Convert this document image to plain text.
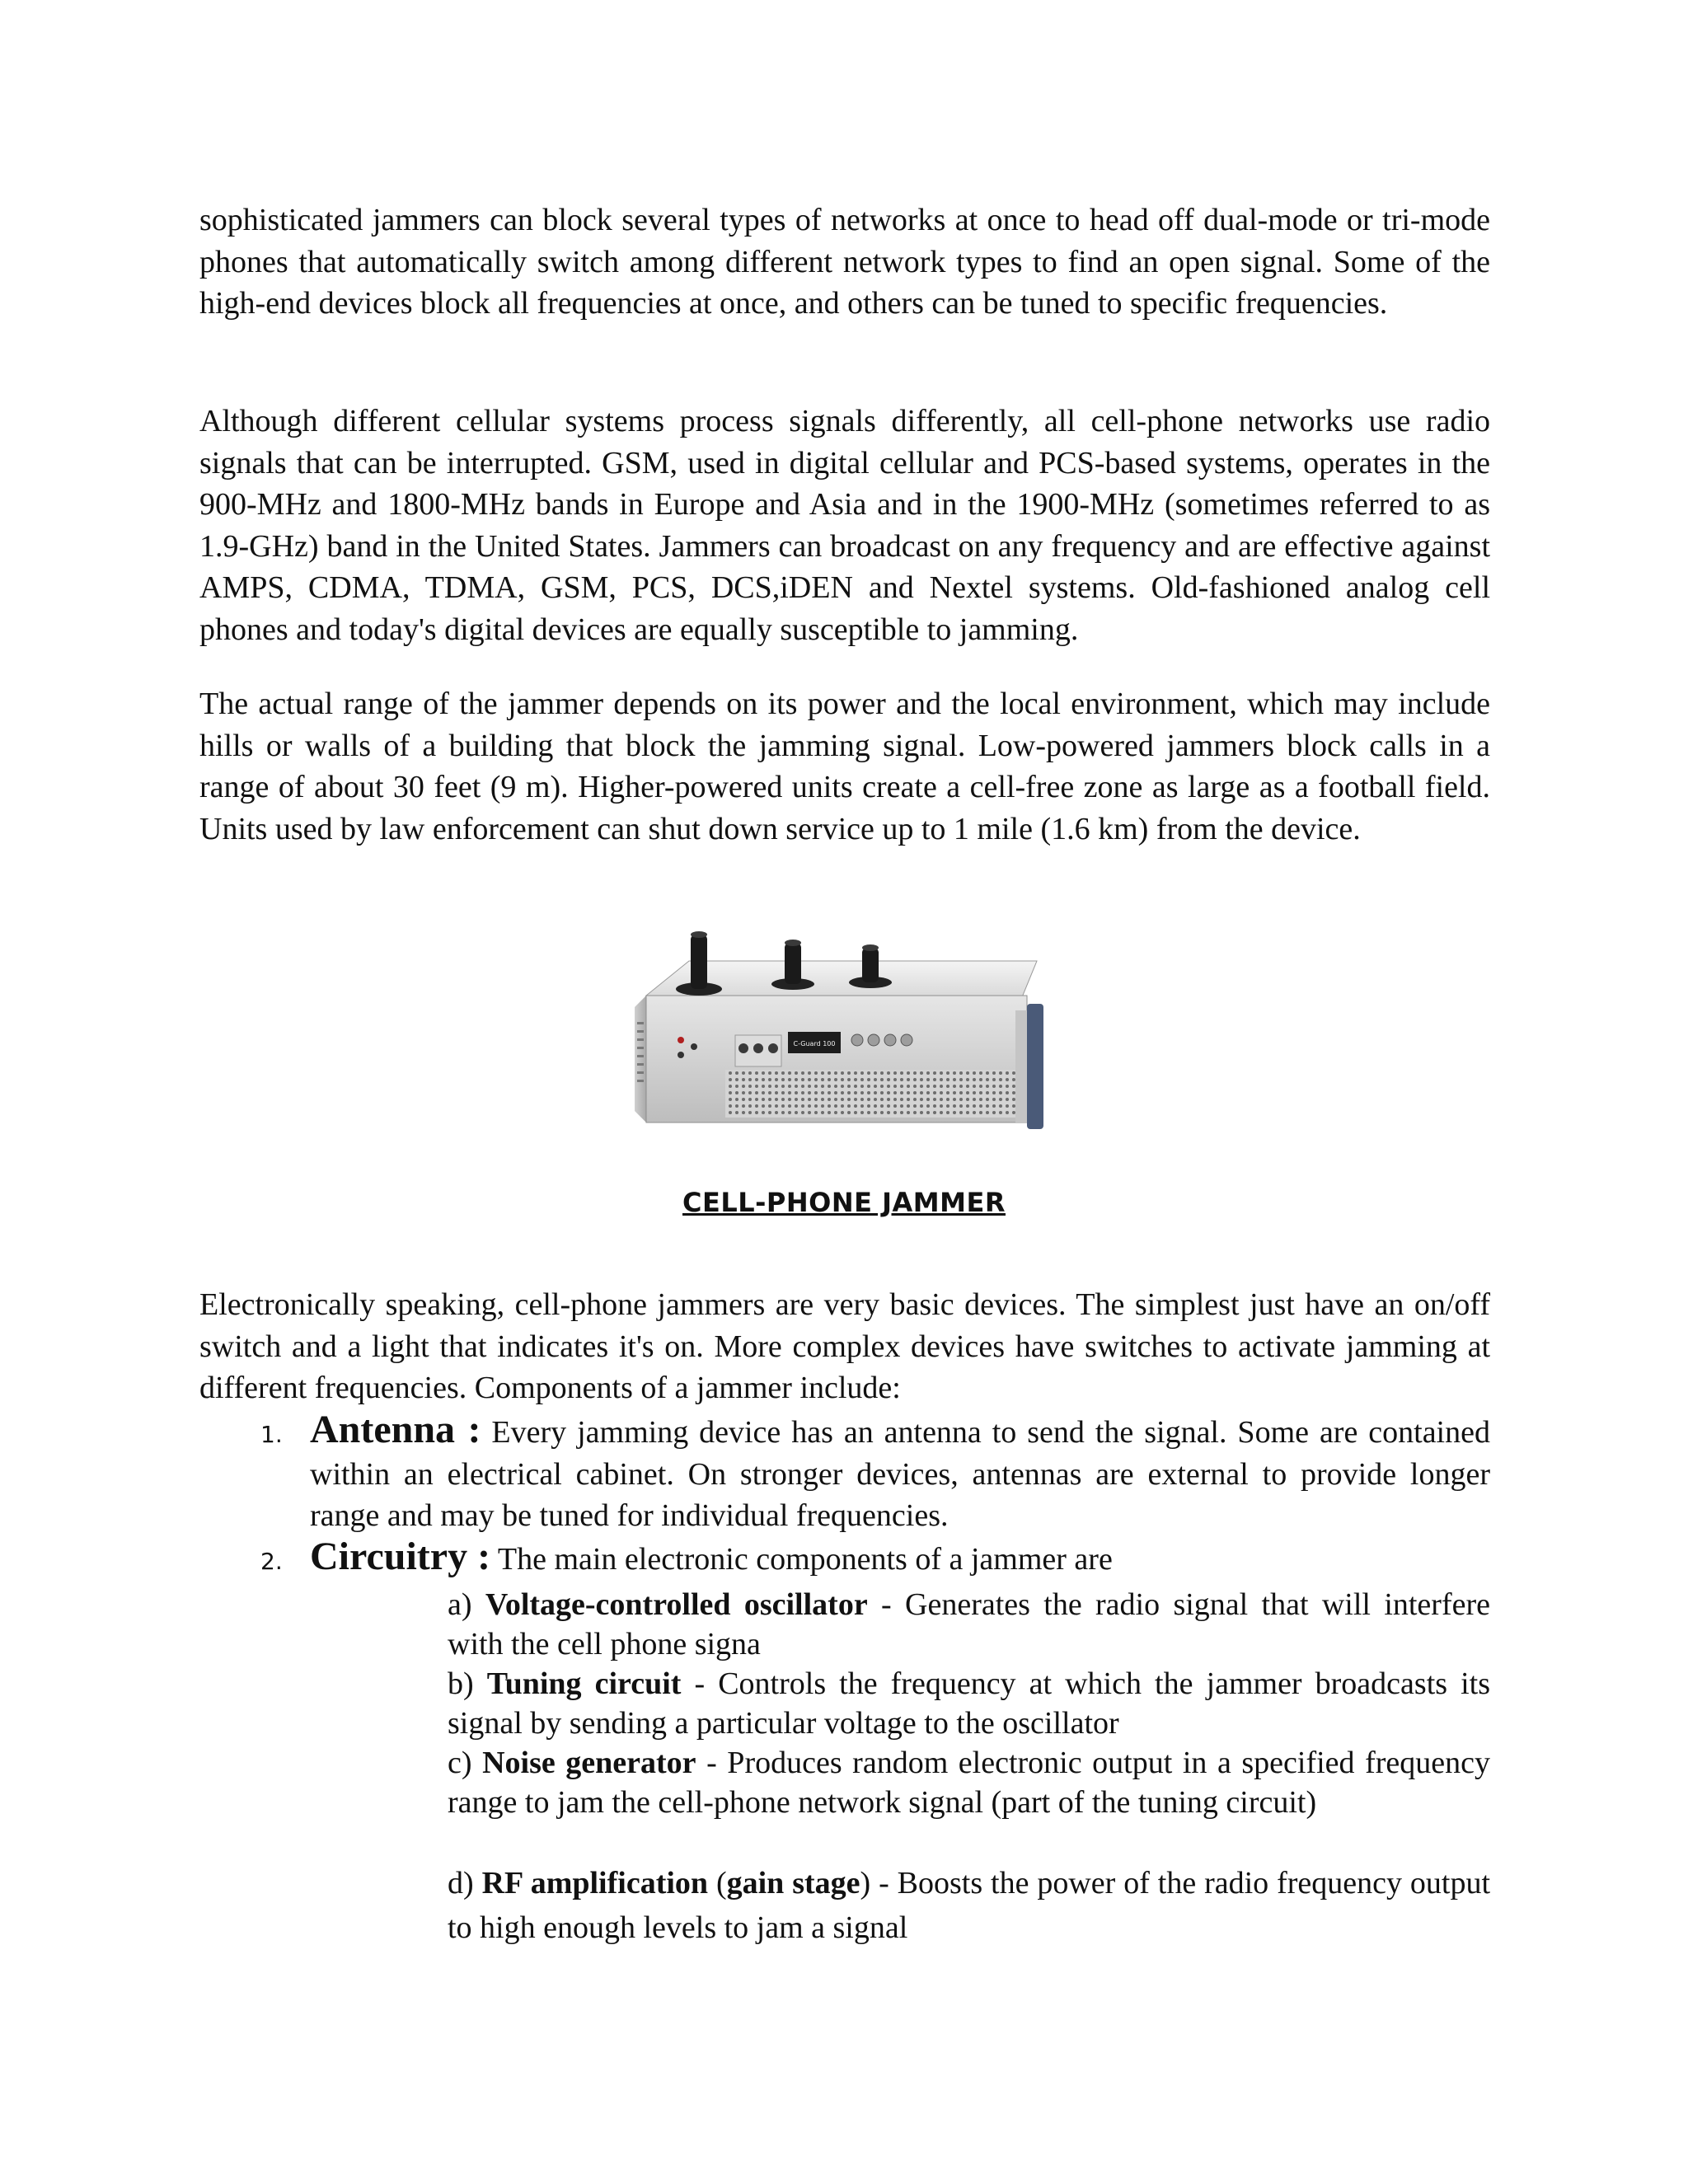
sophisticated jammers can block several types of networks at once to head off dual-mode or tri-mode phones that automatically switch among different network types to find an open signal. Some of the high-end devices block all frequencies at once, and others can be tuned to specific frequencies.

Although different cellular systems process signals differently, all cell-phone networks use radio signals that can be interrupted. GSM, used in digital cellular and PCS-based systems, operates in the 900-MHz and 1800-MHz bands in Europe and Asia and in the 1900-MHz (sometimes referred to as 1.9-GHz) band in the United States. Jammers can broadcast on any frequency and are effective against AMPS, CDMA, TDMA, GSM, PCS, DCS,iDEN and Nextel systems. Old-fashioned analog cell phones and today's digital devices are equally susceptible to jamming.

The actual range of the jammer depends on its power and the local environment, which may include hills or walls of a building that block the jamming signal. Low-powered jammers block calls in a range of about 30 feet (9 m). Higher-powered units create a cell-free zone as large as a football field. Units used by law enforcement can shut down service up to 1 mile (1.6 km) from the device.

C-Guard 100
CELL-PHONE JAMMER

Electronically speaking, cell-phone jammers are very basic devices. The simplest just have an on/off switch and a light that indicates it's on. More complex devices have switches to activate jamming at different frequencies. Components of a jammer include:

1. Antenna : Every jamming device has an antenna to send the signal. Some are contained within an electrical cabinet. On stronger devices, antennas are external to provide longer range and may be tuned for individual frequencies.
2. Circuitry : The main electronic components of a jammer are

a) Voltage-controlled oscillator - Generates the radio signal that will interfere with the cell phone signa

b) Tuning circuit - Controls the frequency at which the jammer broadcasts its signal by sending a particular voltage to the oscillator

c) Noise generator - Produces random electronic output in a specified frequency range to jam the cell-phone network signal (part of the tuning circuit)

d) RF amplification (gain stage) - Boosts the power of the radio frequency output to high enough levels to jam a signal
